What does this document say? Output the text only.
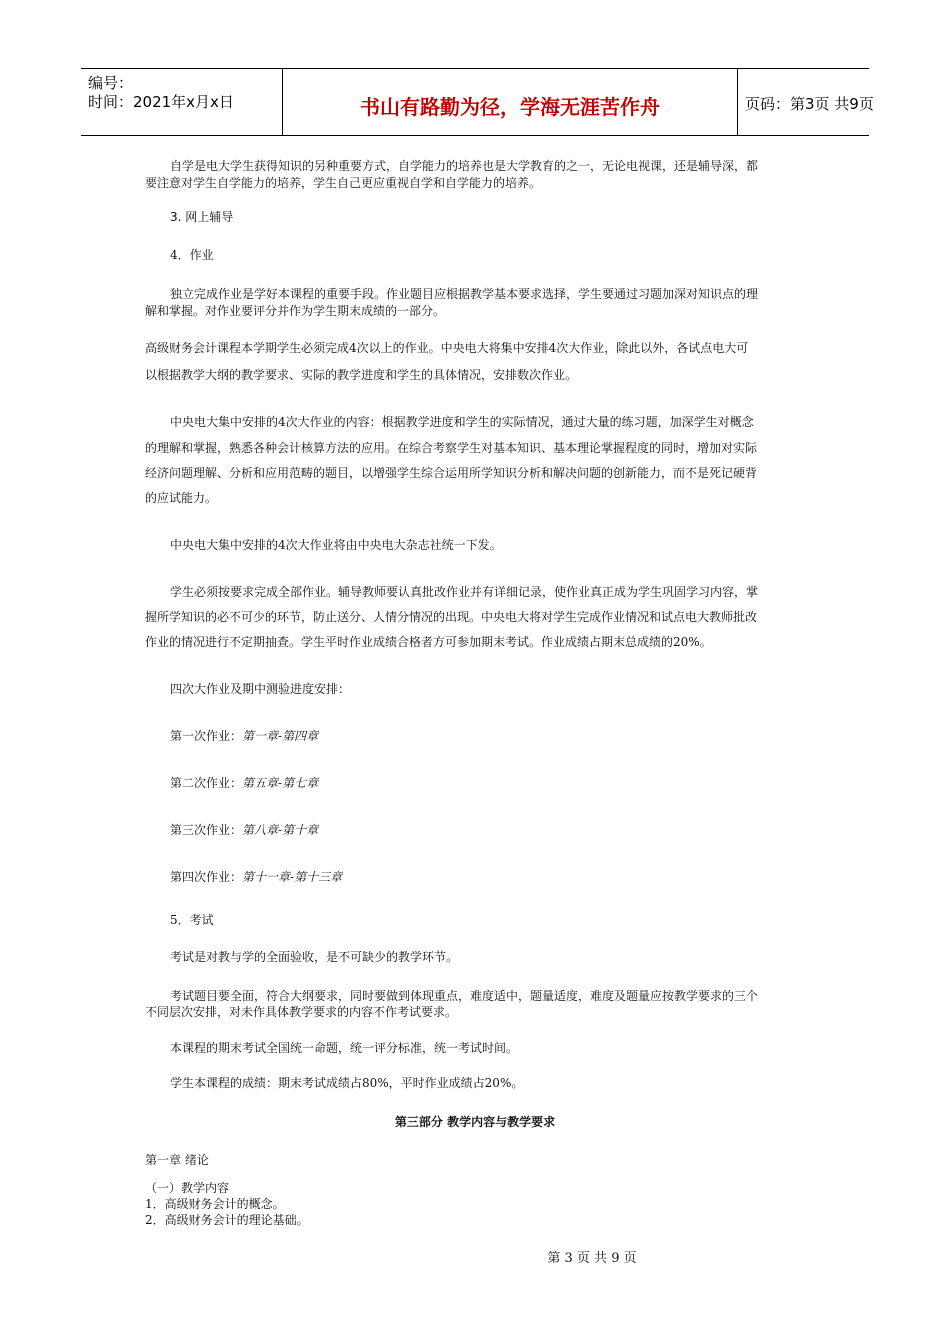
编号：
时间：2021年x月x日	书山有路勤为径，学海无涯苦作舟	页码：第3页 共9页
自学是电大学生获得知识的另种重要方式，自学能力的培养也是大学教育的之一，无论电视课，还是辅导深，都
要注意对学生自学能力的培养，学生自己更应重视自学和自学能力的培养。
3. 网上辅导
4．作业
独立完成作业是学好本课程的重要手段。作业题目应根据教学基本要求选择，学生要通过习题加深对知识点的理
解和掌握。对作业要评分并作为学生期末成绩的一部分。
高级财务会计课程本学期学生必须完成4次以上的作业。中央电大将集中安排4次大作业，除此以外，各试点电大可
以根据教学大纲的教学要求、实际的教学进度和学生的具体情况，安排数次作业。
中央电大集中安排的4次大作业的内容：根据教学进度和学生的实际情况，通过大量的练习题，加深学生对概念
的理解和掌握，熟悉各种会计核算方法的应用。在综合考察学生对基本知识、基本理论掌握程度的同时，增加对实际
经济问题理解、分析和应用范畴的题目，以增强学生综合运用所学知识分析和解决问题的创新能力，而不是死记硬背
的应试能力。
中央电大集中安排的4次大作业将由中央电大杂志社统一下发。
学生必须按要求完成全部作业。辅导教师要认真批改作业并有详细记录，使作业真正成为学生巩固学习内容，掌
握所学知识的必不可少的环节，防止送分、人情分情况的出现。中央电大将对学生完成作业情况和试点电大教师批改
作业的情况进行不定期抽查。学生平时作业成绩合格者方可参加期末考试。作业成绩占期末总成绩的20%。
四次大作业及期中测验进度安排：
第一次作业：第一章-第四章
第二次作业：第五章-第七章
第三次作业：第八章-第十章
第四次作业：第十一章-第十三章
5．考试
考试是对教与学的全面验收，是不可缺少的教学环节。
考试题目要全面，符合大纲要求，同时要做到体现重点，难度适中，题量适度，难度及题量应按教学要求的三个
不同层次安排，对未作具体教学要求的内容不作考试要求。
本课程的期末考试全国统一命题，统一评分标准，统一考试时间。
学生本课程的成绩：期末考试成绩占80%，平时作业成绩占20%。
第三部分 教学内容与教学要求
第一章 绪论
（一）教学内容
1．高级财务会计的概念。
2．高级财务会计的理论基础。
第 3 页 共 9 页
